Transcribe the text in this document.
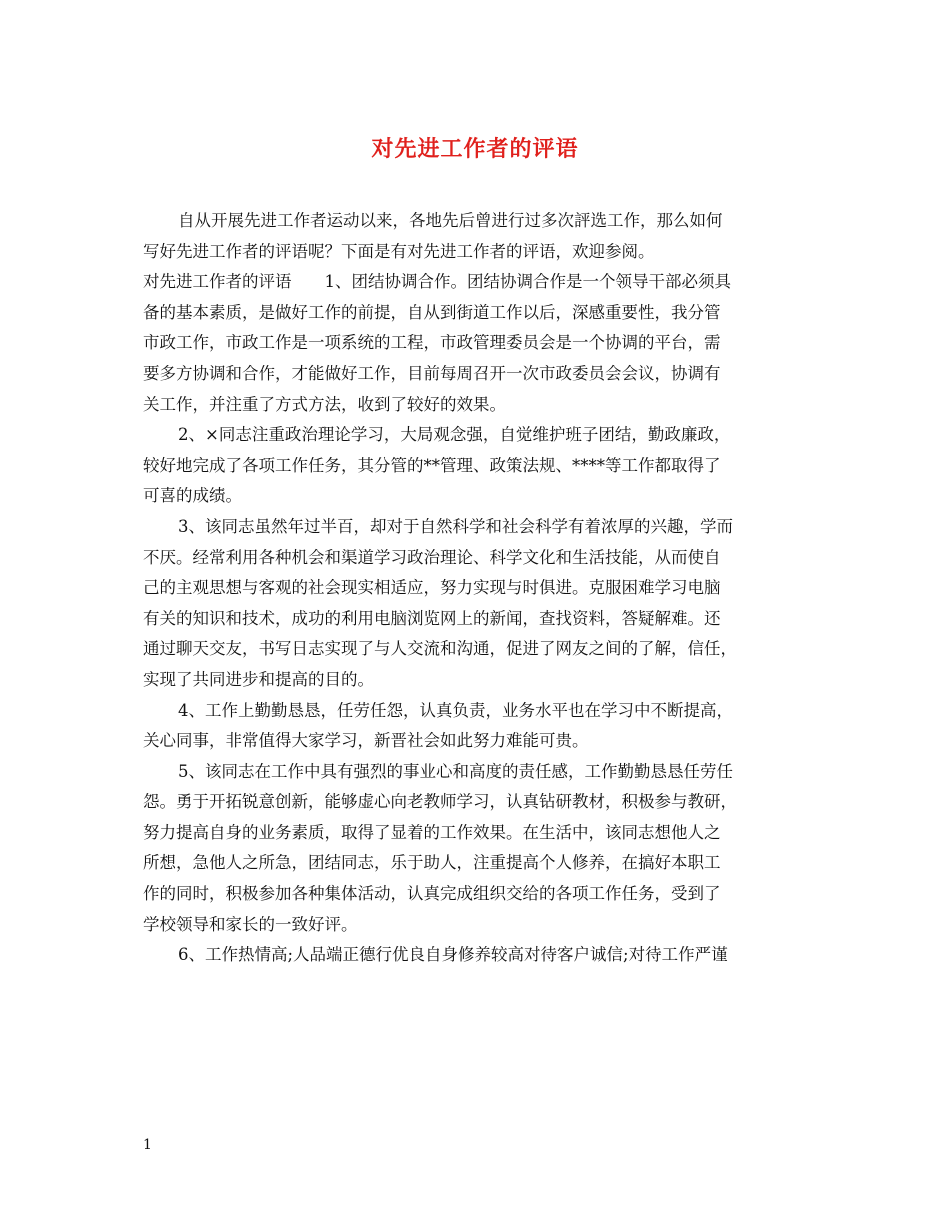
对先进工作者的评语
自从开展先进工作者运动以来，各地先后曾进行过多次評选工作，那么如何
写好先进工作者的评语呢？下面是有对先进工作者的评语，欢迎参阅。
对先进工作者的评语　　1、团结协调合作。团结协调合作是一个领导干部必须具
备的基本素质，是做好工作的前提，自从到街道工作以后，深感重要性，我分管
市政工作，市政工作是一项系统的工程，市政管理委员会是一个协调的平台，需
要多方协调和合作，才能做好工作，目前每周召开一次市政委员会会议，协调有
关工作，并注重了方式方法，收到了较好的效果。
2、×同志注重政治理论学习，大局观念强，自觉维护班子团结，勤政廉政，
较好地完成了各项工作任务，其分管的**管理、政策法规、****等工作都取得了
可喜的成绩。
3、该同志虽然年过半百，却对于自然科学和社会科学有着浓厚的兴趣，学而
不厌。经常利用各种机会和渠道学习政治理论、科学文化和生活技能，从而使自
己的主观思想与客观的社会现实相适应，努力实现与时俱进。克服困难学习电脑
有关的知识和技术，成功的利用电脑浏览网上的新闻，查找资料，答疑解难。还
通过聊天交友，书写日志实现了与人交流和沟通，促进了网友之间的了解，信任，
实现了共同进步和提高的目的。
4、工作上勤勤恳恳，任劳任怨，认真负责，业务水平也在学习中不断提高，
关心同事，非常值得大家学习，新晋社会如此努力难能可贵。
5、该同志在工作中具有强烈的事业心和高度的责任感，工作勤勤恳恳任劳任
怨。勇于开拓锐意创新，能够虚心向老教师学习，认真钻研教材，积极参与教研，
努力提高自身的业务素质，取得了显着的工作效果。在生活中，该同志想他人之
所想，急他人之所急，团结同志，乐于助人，注重提高个人修养，在搞好本职工
作的同时，积极参加各种集体活动，认真完成组织交给的各项工作任务，受到了
学校领导和家长的一致好评。
6、工作热情高;人品端正德行优良自身修养较高对待客户诚信;对待工作严谨
1
